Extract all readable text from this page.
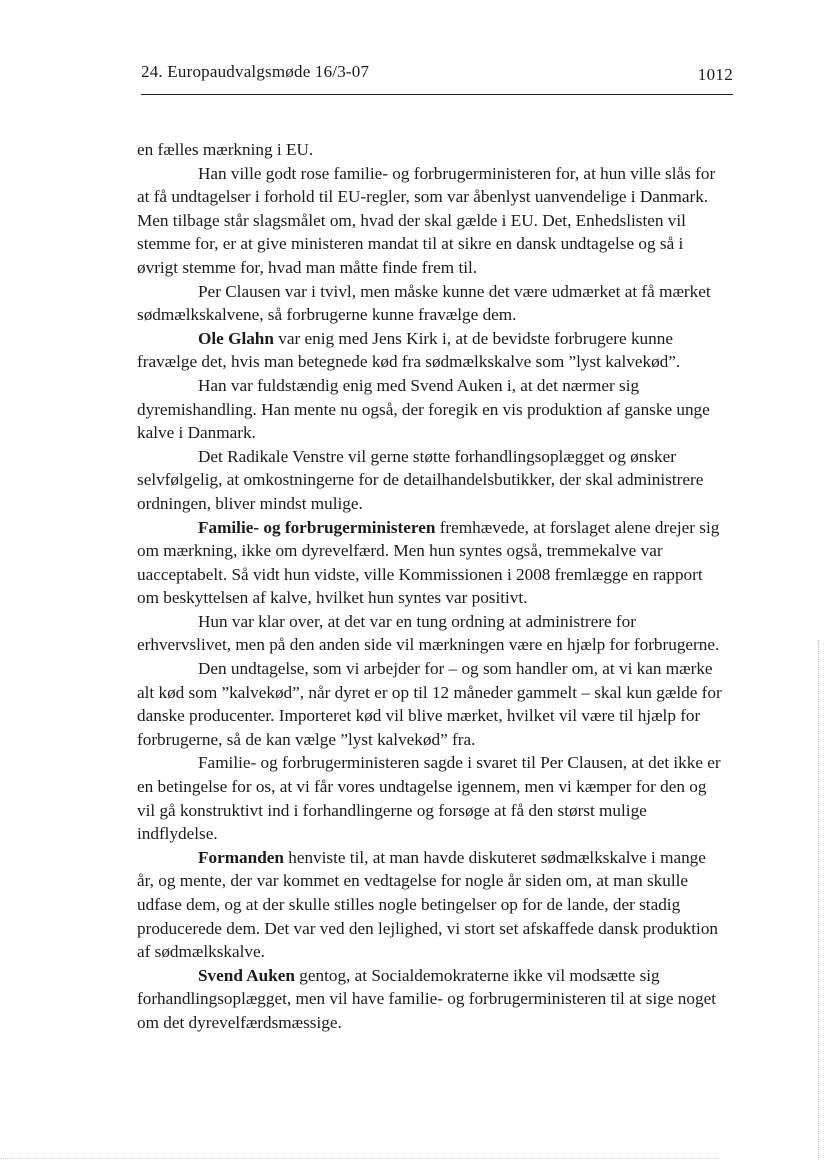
24. Europaudvalgsmøde 16/3-07	1012

en fælles mærkning i EU.

Han ville godt rose familie- og forbrugerministeren for, at hun ville slås for at få undtagelser i forhold til EU-regler, som var åbenlyst uanvendelige i Danmark. Men tilbage står slagsmålet om, hvad der skal gælde i EU. Det, Enhedslisten vil stemme for, er at give ministeren mandat til at sikre en dansk undtagelse og så i øvrigt stemme for, hvad man måtte finde frem til.

Per Clausen var i tvivl, men måske kunne det være udmærket at få mærket sødmælkskalvene, så forbrugerne kunne fravælge dem.

Ole Glahn var enig med Jens Kirk i, at de bevidste forbrugere kunne fravælge det, hvis man betegnede kød fra sødmælkskalve som ”lyst kalvekød”.

Han var fuldstændig enig med Svend Auken i, at det nærmer sig dyremishandling. Han mente nu også, der foregik en vis produktion af ganske unge kalve i Danmark.

Det Radikale Venstre vil gerne støtte forhandlingsoplægget og ønsker selvfølgelig, at omkostningerne for de detailhandelsbutikker, der skal administrere ordningen, bliver mindst mulige.

Familie- og forbrugerministeren fremhævede, at forslaget alene drejer sig om mærkning, ikke om dyrevelfærd. Men hun syntes også, tremmekalve var uacceptabelt. Så vidt hun vidste, ville Kommissionen i 2008 fremlægge en rapport om beskyttelsen af kalve, hvilket hun syntes var positivt.

Hun var klar over, at det var en tung ordning at administrere for erhvervslivet, men på den anden side vil mærkningen være en hjælp for forbrugerne.

Den undtagelse, som vi arbejder for – og som handler om, at vi kan mærke alt kød som ”kalvekød”, når dyret er op til 12 måneder gammelt – skal kun gælde for danske producenter. Importeret kød vil blive mærket, hvilket vil være til hjælp for forbrugerne, så de kan vælge ”lyst kalvekød” fra.

Familie- og forbrugerministeren sagde i svaret til Per Clausen, at det ikke er en betingelse for os, at vi får vores undtagelse igennem, men vi kæmper for den og vil gå konstruktivt ind i forhandlingerne og forsøge at få den størst mulige indflydelse.

Formanden henviste til, at man havde diskuteret sødmælkskalve i mange år, og mente, der var kommet en vedtagelse for nogle år siden om, at man skulle udfase dem, og at der skulle stilles nogle betingelser op for de lande, der stadig producerede dem. Det var ved den lejlighed, vi stort set afskaffede dansk produktion af sødmælkskalve.

Svend Auken gentog, at Socialdemokraterne ikke vil modsætte sig forhandlingsoplægget, men vil have familie- og forbrugerministeren til at sige noget om det dyrevelfærdsmæssige.
